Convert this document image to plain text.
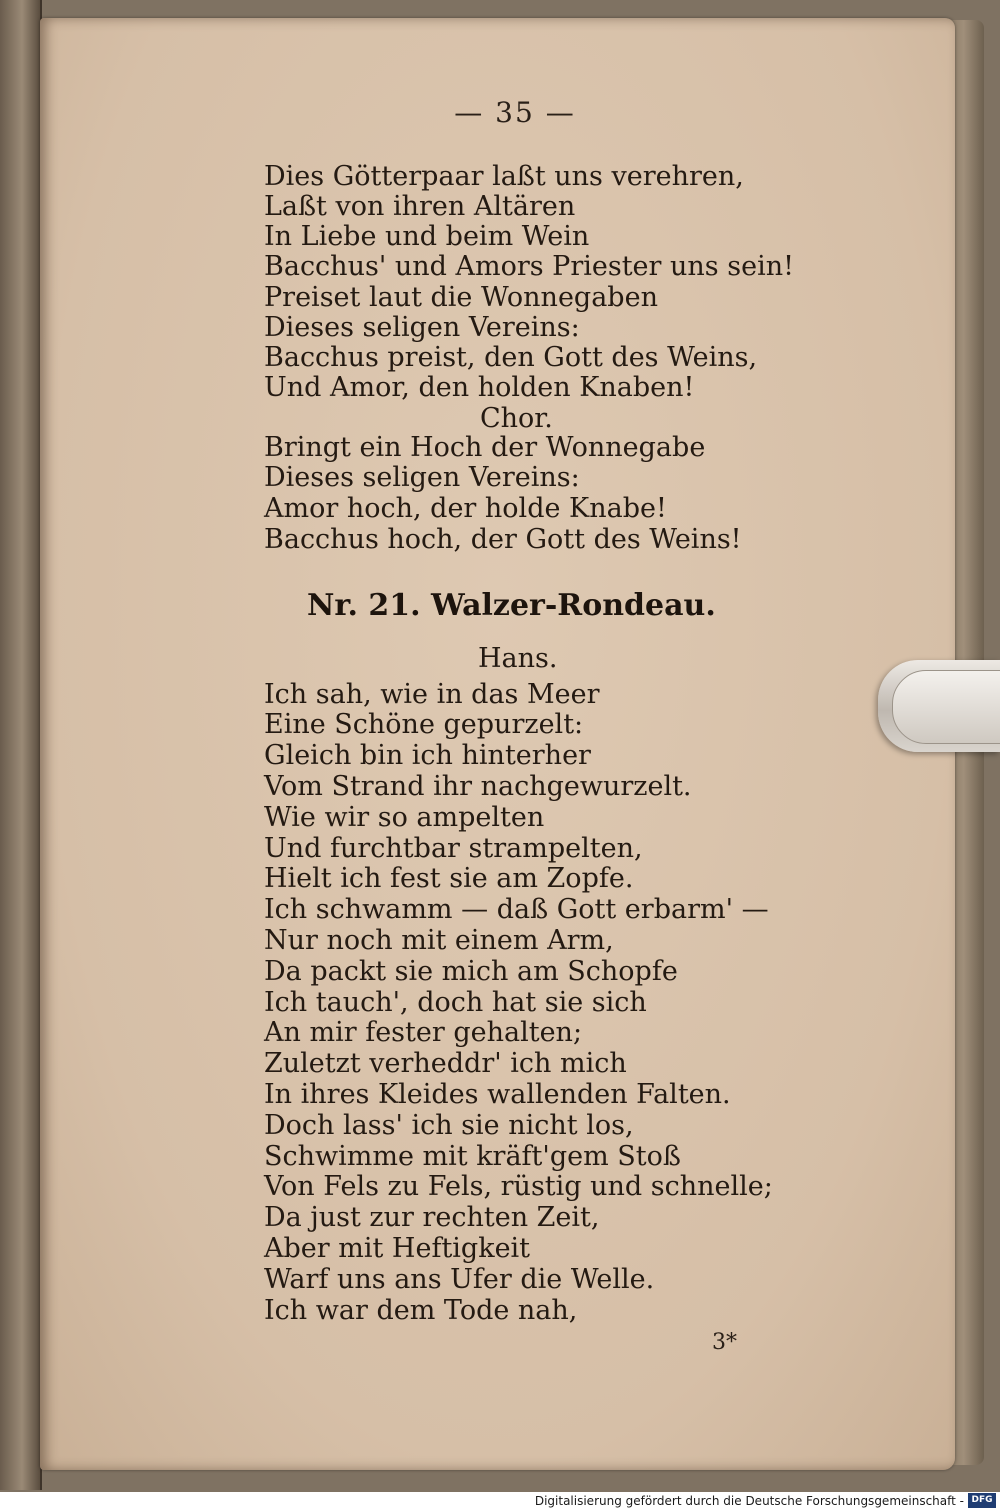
— 35 —
Dies Götterpaar laßt uns verehren,
Laßt von ihren Altären
In Liebe und beim Wein
Bacchus' und Amors Priester uns sein!
Preiset laut die Wonnegaben
Dieses seligen Vereins:
Bacchus preist, den Gott des Weins,
Und Amor, den holden Knaben!
Chor.
Bringt ein Hoch der Wonnegabe
Dieses seligen Vereins:
Amor hoch, der holde Knabe!
Bacchus hoch, der Gott des Weins!
Nr. 21. Walzer-Rondeau.
Hans.
Ich sah, wie in das Meer
Eine Schöne gepurzelt:
Gleich bin ich hinterher
Vom Strand ihr nachgewurzelt.
Wie wir so ampelten
Und furchtbar strampelten,
Hielt ich fest sie am Zopfe.
Ich schwamm — daß Gott erbarm' —
Nur noch mit einem Arm,
Da packt sie mich am Schopfe
Ich tauch', doch hat sie sich
An mir fester gehalten;
Zuletzt verheddr' ich mich
In ihres Kleides wallenden Falten.
Doch lass' ich sie nicht los,
Schwimme mit kräft'gem Stoß
Von Fels zu Fels, rüstig und schnelle;
Da just zur rechten Zeit,
Aber mit Heftigkeit
Warf uns ans Ufer die Welle.
Ich war dem Tode nah,
3*
Digitalisierung gefördert durch die Deutsche Forschungsgemeinschaft - DFG
